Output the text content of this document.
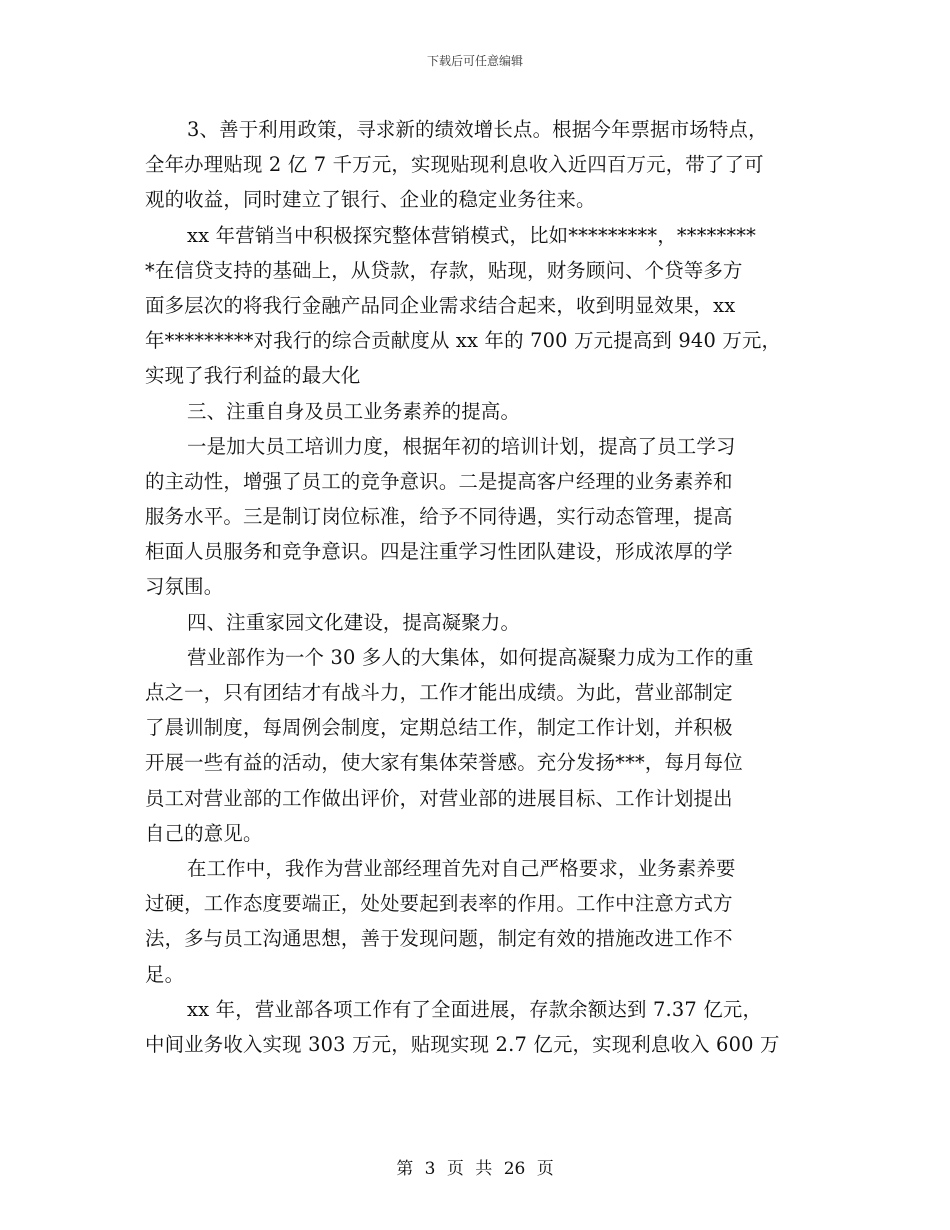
下载后可任意编辑
3、善于利用政策，寻求新的绩效增长点。根据今年票据市场特点，
全年办理贴现 2 亿 7 千万元，实现贴现利息收入近四百万元，带了了可
观的收益，同时建立了银行、企业的稳定业务往来。
xx 年营销当中积极探究整体营销模式，比如*********，********
*在信贷支持的基础上，从贷款，存款，贴现，财务顾问、个贷等多方
面多层次的将我行金融产品同企业需求结合起来，收到明显效果，xx
年*********对我行的综合贡献度从 xx 年的 700 万元提高到 940 万元，
实现了我行利益的最大化
三、注重自身及员工业务素养的提高。
一是加大员工培训力度，根据年初的培训计划，提高了员工学习
的主动性，增强了员工的竞争意识。二是提高客户经理的业务素养和
服务水平。三是制订岗位标准，给予不同待遇，实行动态管理，提高
柜面人员服务和竞争意识。四是注重学习性团队建设，形成浓厚的学
习氛围。
四、注重家园文化建设，提高凝聚力。
营业部作为一个 30 多人的大集体，如何提高凝聚力成为工作的重
点之一，只有团结才有战斗力，工作才能出成绩。为此，营业部制定
了晨训制度，每周例会制度，定期总结工作，制定工作计划，并积极
开展一些有益的活动，使大家有集体荣誉感。充分发扬***，每月每位
员工对营业部的工作做出评价，对营业部的进展目标、工作计划提出
自己的意见。
在工作中，我作为营业部经理首先对自己严格要求，业务素养要
过硬，工作态度要端正，处处要起到表率的作用。工作中注意方式方
法，多与员工沟通思想，善于发现问题，制定有效的措施改进工作不
足。
xx 年，营业部各项工作有了全面进展，存款余额达到 7.37 亿元，
中间业务收入实现 303 万元，贴现实现 2.7 亿元，实现利息收入 600 万
第 3 页 共 26 页
